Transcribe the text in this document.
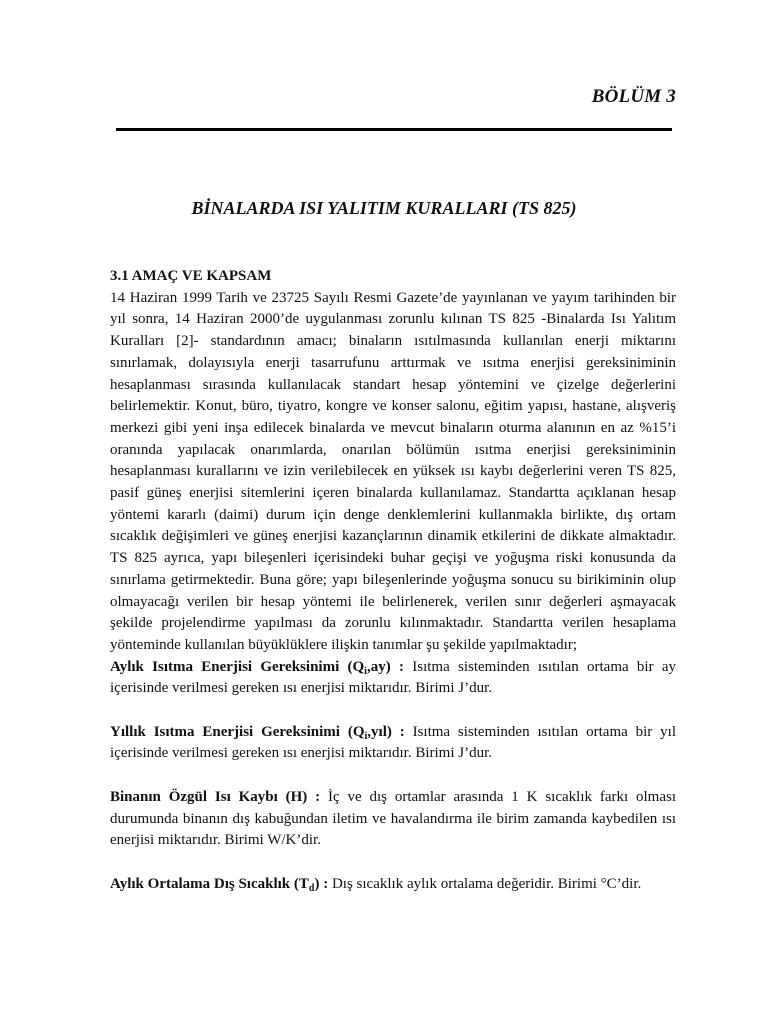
BÖLÜM 3
BİNALARDA ISI YALITIM KURALLARI (TS 825)
3.1 AMAÇ VE KAPSAM

14 Haziran 1999 Tarih ve 23725 Sayılı Resmi Gazete’de yayınlanan ve yayım tarihinden bir yıl sonra, 14 Haziran 2000’de uygulanması zorunlu kılınan TS 825 -Binalarda Isı Yalıtım Kuralları [2]- standardının amacı; binaların ısıtılmasında kullanılan enerji miktarını sınırlamak, dolayısıyla enerji tasarrufunu arttırmak ve ısıtma enerjisi gereksiniminin hesaplanması sırasında kullanılacak standart hesap yöntemini ve çizelge değerlerini belirlemektir. Konut, büro, tiyatro, kongre ve konser salonu, eğitim yapısı, hastane, alışveriş merkezi gibi yeni inşa edilecek binalarda ve mevcut binaların oturma alanının en az %15’i oranında yapılacak onarımlarda, onarılan bölümün ısıtma enerjisi gereksiniminin hesaplanması kurallarını ve izin verilebilecek en yüksek ısı kaybı değerlerini veren TS 825, pasif güneş enerjisi sitemlerini içeren binalarda kullanılamaz. Standartta açıklanan hesap yöntemi kararlı (daimi) durum için denge denklemlerini kullanmakla birlikte, dış ortam sıcaklık değişimleri ve güneş enerjisi kazançlarının dinamik etkilerini de dikkate almaktadır. TS 825 ayrıca, yapı bileşenleri içerisindeki buhar geçişi ve yoğuşma riski konusunda da sınırlama getirmektedir. Buna göre; yapı bileşenlerinde yoğuşma sonucu su birikiminin olup olmayacağı verilen bir hesap yöntemi ile belirlenerek, verilen sınır değerleri aşmayacak şekilde projelendirme yapılması da zorunlu kılınmaktadır. Standartta verilen hesaplama yönteminde kullanılan büyüklüklere ilişkin tanımlar şu şekilde yapılmaktadır;

Aylık Isıtma Enerjisi Gereksinimi $(Q_i,ay)$ : Isıtma sisteminden ısıtılan ortama bir ay içerisinde verilmesi gereken ısı enerjisi miktarıdır. Birimi J’dur.

Yıllık Isıtma Enerjisi Gereksinimi $(Q_i,yıl)$ : Isıtma sisteminden ısıtılan ortama bir yıl içerisinde verilmesi gereken ısı enerjisi miktarıdır. Birimi J’dur.

Binanın Özgül Isı Kaybı (H) : İç ve dış ortamlar arasında 1 K sıcaklık farkı olması durumunda binanın dış kabuğundan iletim ve havalandırma ile birim zamanda kaybedilen ısı enerjisi miktarıdır. Birimi W/K’dir.

Aylık Ortalama Dış Sıcaklık $(T_d)$ : Dış sıcaklık aylık ortalama değeridir. Birimi °C’dir.
